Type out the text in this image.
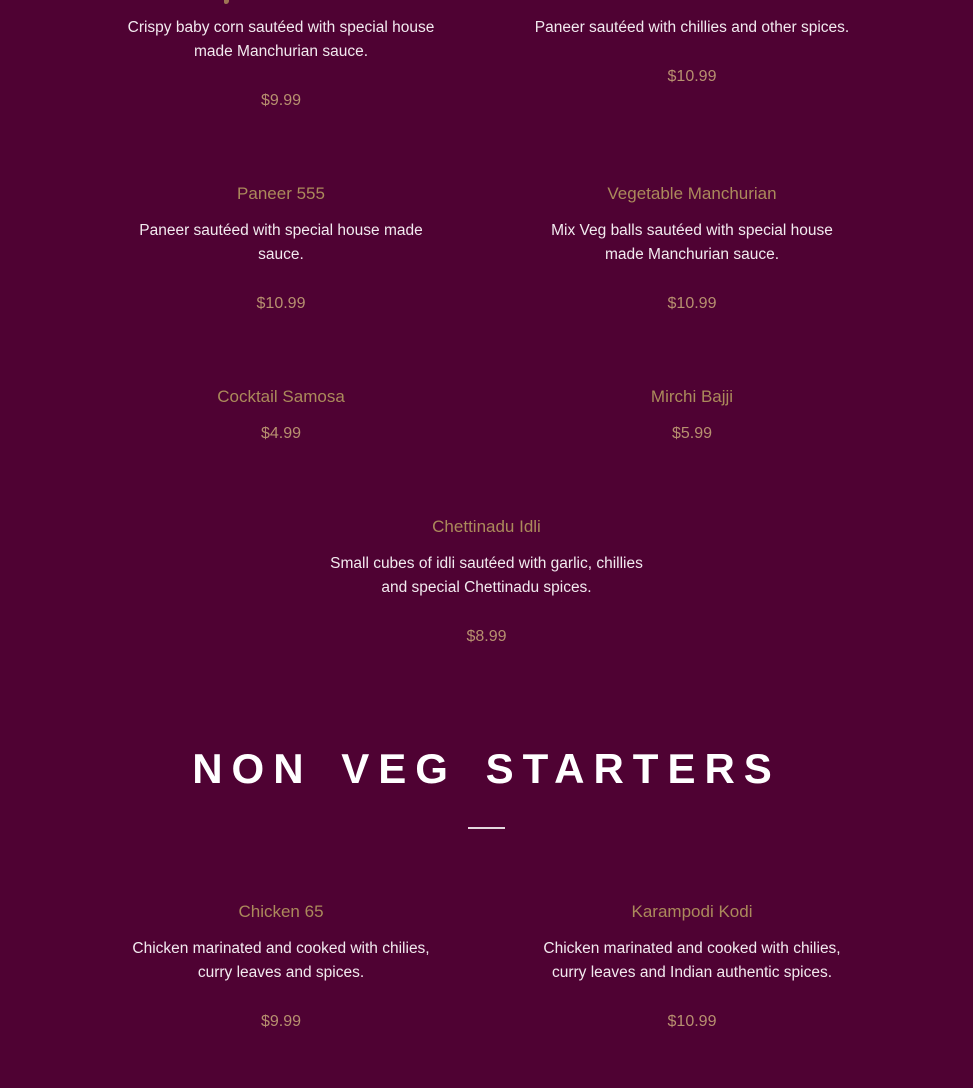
Crispy baby corn sautéed with special house
made Manchurian sauce.
$9.99
Paneer sautéed with chillies and other spices.
$10.99
Paneer 555
Paneer sautéed with special house made
sauce.
$10.99
Vegetable Manchurian
Mix Veg balls sautéed with special house
made Manchurian sauce.
$10.99
Cocktail Samosa
$4.99
Mirchi Bajji
$5.99
Chettinadu Idli
Small cubes of idli sautéed with garlic, chillies
and special Chettinadu spices.
$8.99
NON VEG STARTERS
Chicken 65
Chicken marinated and cooked with chilies,
curry leaves and spices.
$9.99
Karampodi Kodi
Chicken marinated and cooked with chilies,
curry leaves and Indian authentic spices.
$10.99
